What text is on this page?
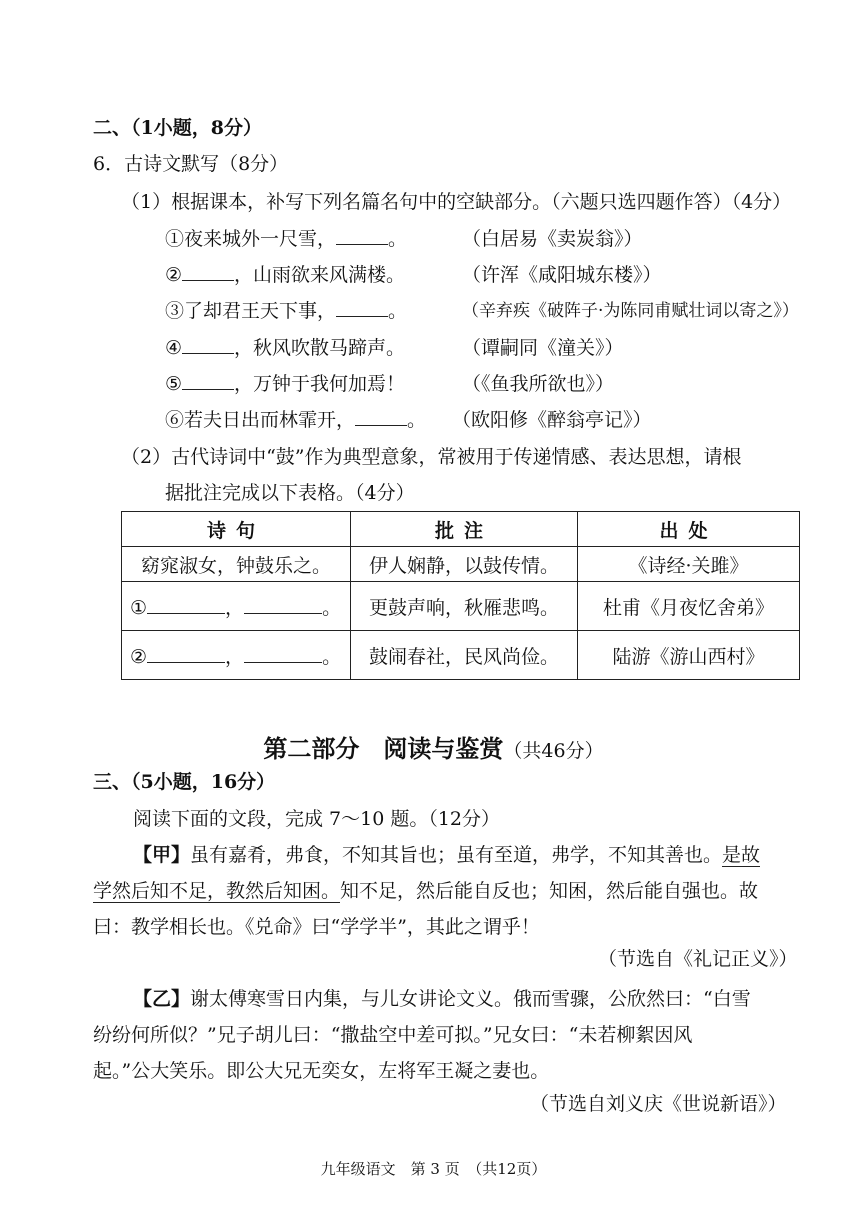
二、（1小题，8分）
6．古诗文默写（8分）
（1）根据课本，补写下列名篇名句中的空缺部分。（六题只选四题作答）（4分）
①夜来城外一尺雪，	。	（白居易《卖炭翁》）
②	，山雨欲来风满楼。	（许浑《咸阳城东楼》）
③了却君王天下事，	。	（辛弃疾《破阵子·为陈同甫赋壮词以寄之》）
④	，秋风吹散马蹄声。	（谭嗣同《潼关》）
⑤	，万钟于我何加焉！	（《鱼我所欲也》）
⑥若夫日出而林霏开，	。 （欧阳修《醉翁亭记》）
（2）古代诗词中“鼓”作为典型意象，常被用于传递情感、表达思想，请根
据批注完成以下表格。（4分）
诗句	批注	出处
窈窕淑女，钟鼓乐之。	伊人娴静，以鼓传情。	《诗经·关雎》
① ， 。	更鼓声响，秋雁悲鸣。	杜甫《月夜忆舍弟》
② ， 。	鼓闹春社，民风尚俭。	陆游《游山西村》
第二部分　阅读与鉴赏（共46分）
三、（5小题，16分）
阅读下面的文段，完成 7～10 题。（12分）
【甲】虽有嘉肴，弗食，不知其旨也；虽有至道，弗学，不知其善也。是故
学然后知不足，教然后知困。知不足，然后能自反也；知困，然后能自强也。故
曰：教学相长也。《兑命》曰“学学半”，其此之谓乎！
（节选自《礼记正义》）
【乙】谢太傅寒雪日内集，与儿女讲论文义。俄而雪骤，公欣然曰：“白雪
纷纷何所似？”兄子胡儿曰：“撒盐空中差可拟。”兄女曰：“未若柳絮因风
起。”公大笑乐。即公大兄无奕女，左将军王凝之妻也。
（节选自刘义庆《世说新语》）
九年级语文　第 3 页　（共12页）
